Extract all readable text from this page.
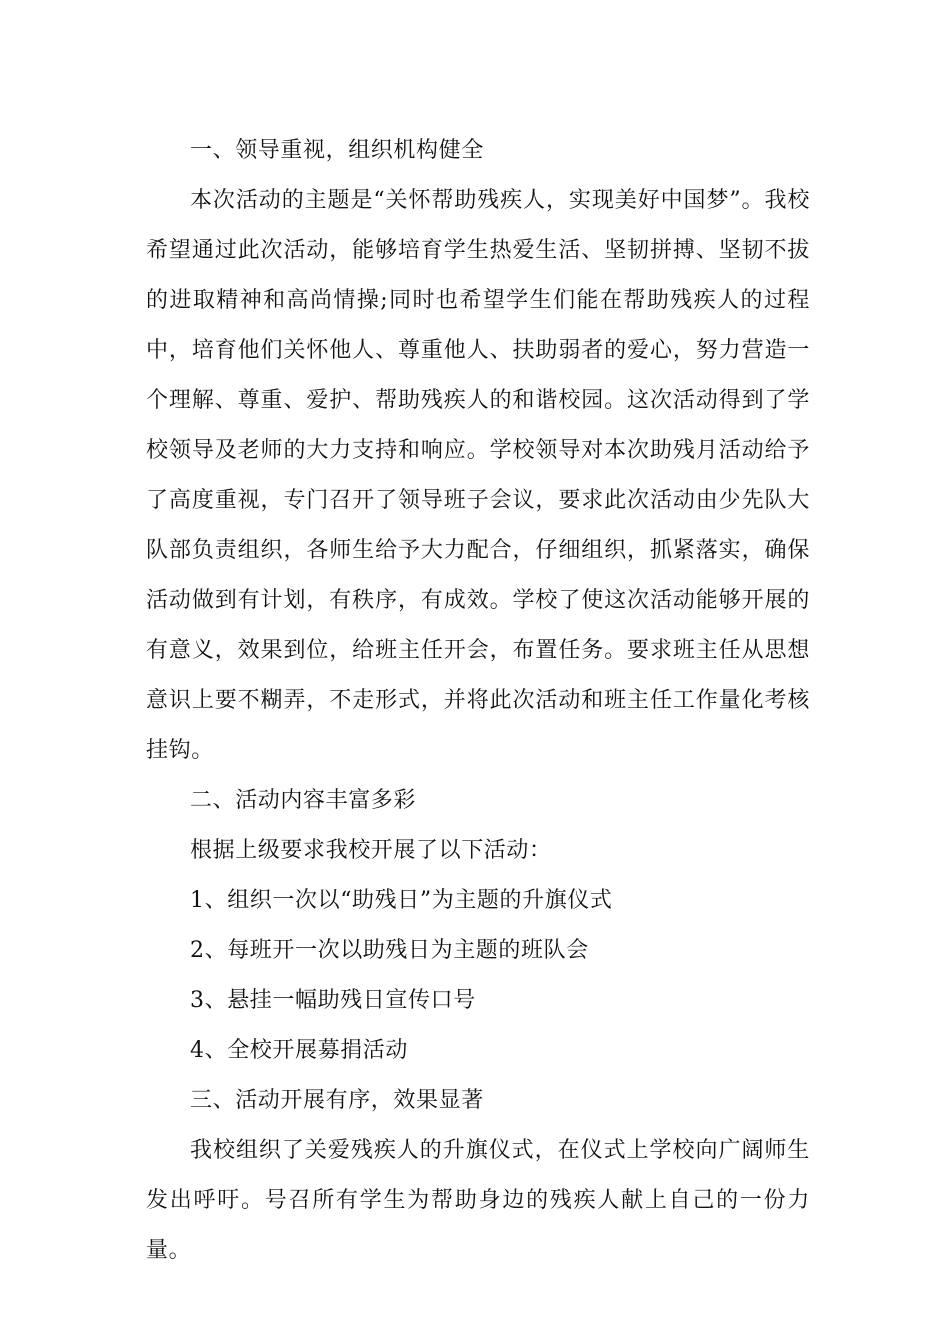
一、领导重视，组织机构健全

本次活动的主题是“关怀帮助残疾人，实现美好中国梦”。我校希望通过此次活动，能够培育学生热爱生活、坚韧拼搏、坚韧不拔的进取精神和高尚情操;同时也希望学生们能在帮助残疾人的过程中，培育他们关怀他人、尊重他人、扶助弱者的爱心，努力营造一个理解、尊重、爱护、帮助残疾人的和谐校园。这次活动得到了学校领导及老师的大力支持和响应。学校领导对本次助残月活动给予了高度重视，专门召开了领导班子会议，要求此次活动由少先队大队部负责组织，各师生给予大力配合，仔细组织，抓紧落实，确保活动做到有计划，有秩序，有成效。学校了使这次活动能够开展的有意义，效果到位，给班主任开会，布置任务。要求班主任从思想意识上要不糊弄，不走形式，并将此次活动和班主任工作量化考核挂钩。

二、活动内容丰富多彩

根据上级要求我校开展了以下活动：

1、组织一次以“助残日”为主题的升旗仪式

2、每班开一次以助残日为主题的班队会

3、悬挂一幅助残日宣传口号

4、全校开展募捐活动

三、活动开展有序，效果显著

我校组织了关爱残疾人的升旗仪式，在仪式上学校向广阔师生发出呼吁。号召所有学生为帮助身边的残疾人献上自己的一份力量。
